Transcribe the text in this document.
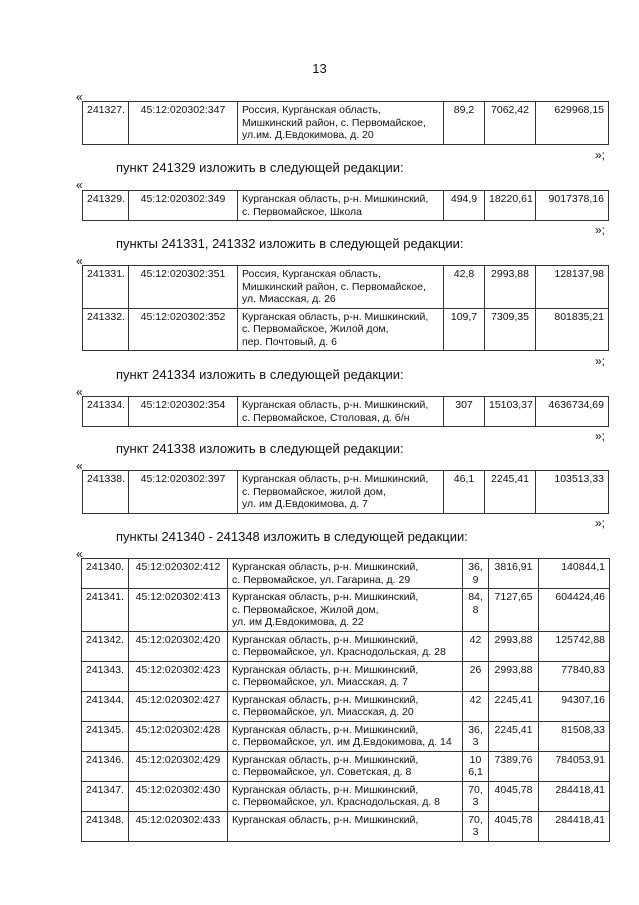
13
«
241327.	45:12:020302:347	Россия, Курганская область,
Мишкинский район, с. Первомайское,
ул.им. Д.Евдокимова, д. 20
	89,2	7062,42	629968,15
»;
пункт 241329 изложить в следующей редакции:
«
241329.	45:12:020302:349	Курганская область, р-н. Мишкинский,
с. Первомайское, Школа
	494,9	18220,61	9017378,16
»;
пункты 241331, 241332 изложить в следующей редакции:
«
241331.	45:12:020302:351	Россия, Курганская область,
Мишкинский район, с. Первомайское,
ул. Миасская, д. 26	42,8	2993,88	128137,98
241332.	45:12:020302:352	Курганская область, р-н. Мишкинский,
с. Первомайское, Жилой дом,
пер. Почтовый, д. 6	109,7	7309,35	801835,21
»;
пункт 241334 изложить в следующей редакции:
«
241334.	45:12:020302:354	Курганская область, р-н. Мишкинский,
с. Первомайское, Столовая, д. б/н
	307	15103,37	4636734,69
»;
пункт 241338 изложить в следующей редакции:
«
241338.	45:12:020302:397	Курганская область, р-н. Мишкинский,
с. Первомайское, жилой дом,
ул. им Д.Евдокимова, д. 7
	46,1	2245,41	103513,33
»;
пункты 241340 - 241348 изложить в следующей редакции:
«
241340.	45:12:020302:412	Курганская область, р-н. Мишкинский,
с. Первомайское, ул. Гагарина, д. 29	36,9	3816,91	140844,1
241341.	45:12:020302:413	Курганская область, р-н. Мишкинский,
с. Первомайское, Жилой дом,
ул. им Д.Евдокимова, д. 22	84,8	7127,65	604424,46
241342.	45:12:020302:420	Курганская область, р-н. Мишкинский,
с. Первомайское, ул. Краснодольская, д. 28	42	2993,88	125742,88
241343.	45:12:020302:423	Курганская область, р-н. Мишкинский,
с. Первомайское, ул. Миасская, д. 7	26	2993,88	77840,83
241344.	45:12:020302:427	Курганская область, р-н. Мишкинский,
с. Первомайское, ул. Миасская, д. 20	42	2245,41	94307,16
241345.	45:12:020302:428	Курганская область, р-н. Мишкинский,
с. Первомайское, ул. им Д.Евдокимова, д. 14	36,3	2245,41	81508,33
241346.	45:12:020302:429	Курганская область, р-н. Мишкинский,
с. Первомайское, ул. Советская, д. 8	106,1	7389,76	784053,91
241347.	45:12:020302:430	Курганская область, р-н. Мишкинский,
с. Первомайское, ул. Краснодольская, д. 8	70,3	4045,78	284418,41
241348.	45:12:020302:433	Курганская область, р-н. Мишкинский,	70,3	4045,78	284418,41
